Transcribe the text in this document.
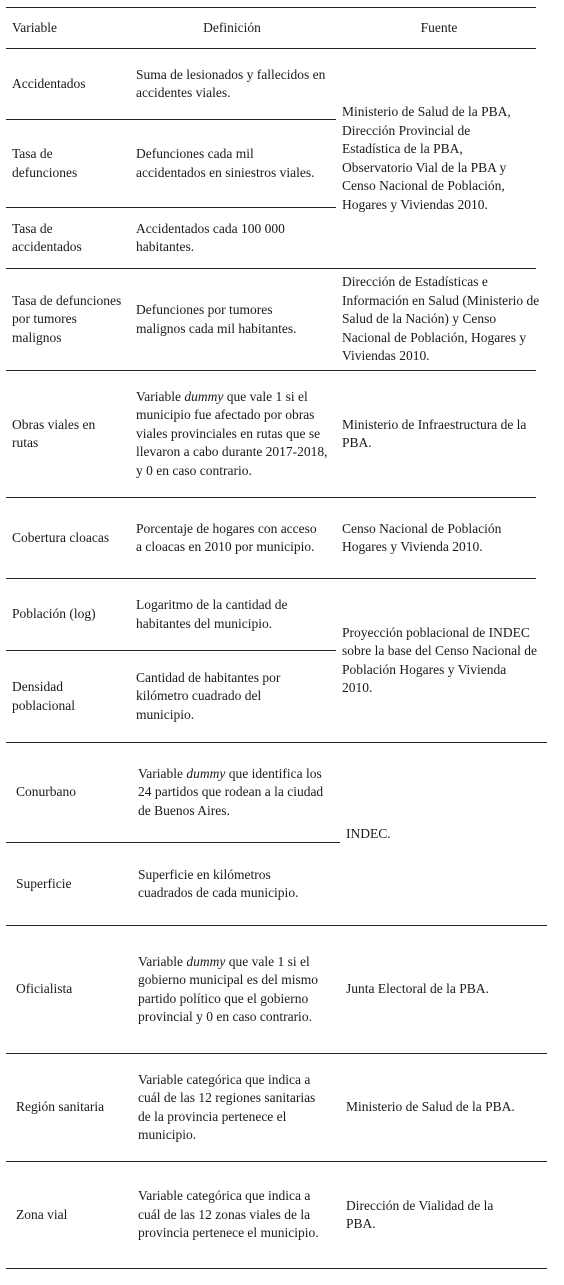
Variable	Definición	Fuente
Accidentados
Suma de lesionados y fallecidos en accidentes viales.
Tasa de defunciones
Defunciones cada mil accidentados en siniestros viales.
Tasa de accidentados
Accidentados cada 100 000 habitantes.
Ministerio de Salud de la PBA, Dirección Provincial de Estadística de la PBA, Observatorio Vial de la PBA y Censo Nacional de Población, Hogares y Viviendas 2010.
Tasa de defunciones por tumores malignos
Defunciones por tumores malignos cada mil habitantes.
Dirección de Estadísticas e Información en Salud (Ministerio de Salud de la Nación) y Censo Nacional de Población, Hogares y Viviendas 2010.
Obras viales en rutas
Variable dummy que vale 1 si el municipio fue afectado por obras viales provinciales en rutas que se llevaron a cabo durante 2017-2018, y 0 en caso contrario.
Ministerio de Infraestructura de la PBA.
Cobertura cloacas
Porcentaje de hogares con acceso a cloacas en 2010 por municipio.
Censo Nacional de Población Hogares y Vivienda 2010.
Población (log)
Logaritmo de la cantidad de habitantes del municipio.
Densidad poblacional
Cantidad de habitantes por kilómetro cuadrado del municipio.
Proyección poblacional de INDEC sobre la base del Censo Nacional de Población Hogares y Vivienda 2010.
Conurbano
Variable dummy que identifica los 24 partidos que rodean a la ciudad de Buenos Aires.
Superficie
Superficie en kilómetros cuadrados de cada municipio.
INDEC.
Oficialista
Variable dummy que vale 1 si el gobierno municipal es del mismo partido político que el gobierno provincial y 0 en caso contrario.
Junta Electoral de la PBA.
Región sanitaria
Variable categórica que indica a cuál de las 12 regiones sanitarias de la provincia pertenece el municipio.
Ministerio de Salud de la PBA.
Zona vial
Variable categórica que indica a cuál de las 12 zonas viales de la provincia pertenece el municipio.
Dirección de Vialidad de la PBA.
